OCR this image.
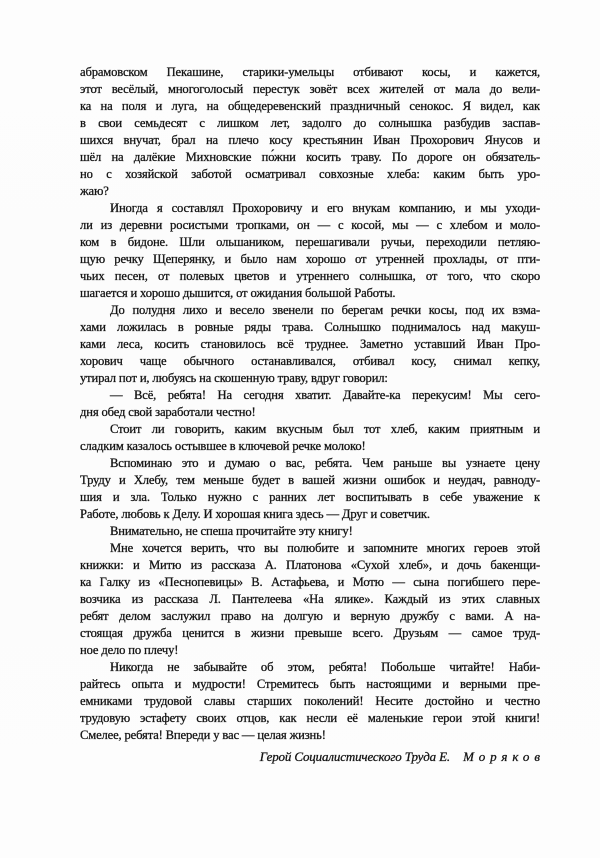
абрамовском Пекашине, старики-умельцы отбивают косы, и кажется,
этот весёлый, многоголосый перестук зовёт всех жителей от мала до вели-
ка на поля и луга, на общедеревенский праздничный сенокос. Я видел, как
в свои семьдесят с лишком лет, задолго до солнышка разбудив заспав-
шихся внучат, брал на плечо косу крестьянин Иван Прохорович Янусов и
шёл на далёкие Михновские по́жни косить траву. По дороге он обязатель-
но с хозяйской заботой осматривал совхозные хлеба: каким быть уро-
жаю?
Иногда я составлял Прохоровичу и его внукам компанию, и мы уходи-
ли из деревни росистыми тропками, он — с косой, мы — с хлебом и моло-
ком в бидоне. Шли ольшаником, перешагивали ручьи, переходили петляю-
щую речку Щеперянку, и было нам хорошо от утренней прохлады, от пти-
чьих песен, от полевых цветов и утреннего солнышка, от того, что скоро
шагается и хорошо дышится, от ожидания большой Работы.
До полудня лихо и весело звенели по берегам речки косы, под их взма-
хами ложилась в ровные ряды трава. Солнышко поднималось над макуш-
ками леса, косить становилось всё труднее. Заметно уставший Иван Про-
хорович чаще обычного останавливался, отбивал косу, снимал кепку,
утирал пот и, любуясь на скошенную траву, вдруг говорил:
— Всё, ребята! На сегодня хватит. Давайте-ка перекусим! Мы сего-
дня обед свой заработали честно!
Стоит ли говорить, каким вкусным был тот хлеб, каким приятным и
сладким казалось остывшее в ключевой речке молоко!
Вспоминаю это и думаю о вас, ребята. Чем раньше вы узнаете цену
Труду и Хлебу, тем меньше будет в вашей жизни ошибок и неудач, равноду-
шия и зла. Только нужно с ранних лет воспитывать в себе уважение к
Работе, любовь к Делу. И хорошая книга здесь — Друг и советчик.
Внимательно, не спеша прочитайте эту книгу!
Мне хочется верить, что вы полюбите и запомните многих героев этой
книжки: и Митю из рассказа А. Платонова «Сухой хлеб», и дочь бакенщи-
ка Галку из «Песнопевицы» В. Астафьева, и Мотю — сына погибшего пере-
возчика из рассказа Л. Пантелеева «На ялике». Каждый из этих славных
ребят делом заслужил право на долгую и верную дружбу с вами. А на-
стоящая дружба ценится в жизни превыше всего. Друзьям — самое труд-
ное дело по плечу!
Никогда не забывайте об этом, ребята! Побольше читайте! Наби-
райтесь опыта и мудрости! Стремитесь быть настоящими и верными пре-
емниками трудовой славы старших поколений! Несите достойно и честно
трудовую эстафету своих отцов, как несли её маленькие герои этой книги!
Смелее, ребята! Впереди у вас — целая жизнь!
Герой Социалистического Труда Е. Моряков
